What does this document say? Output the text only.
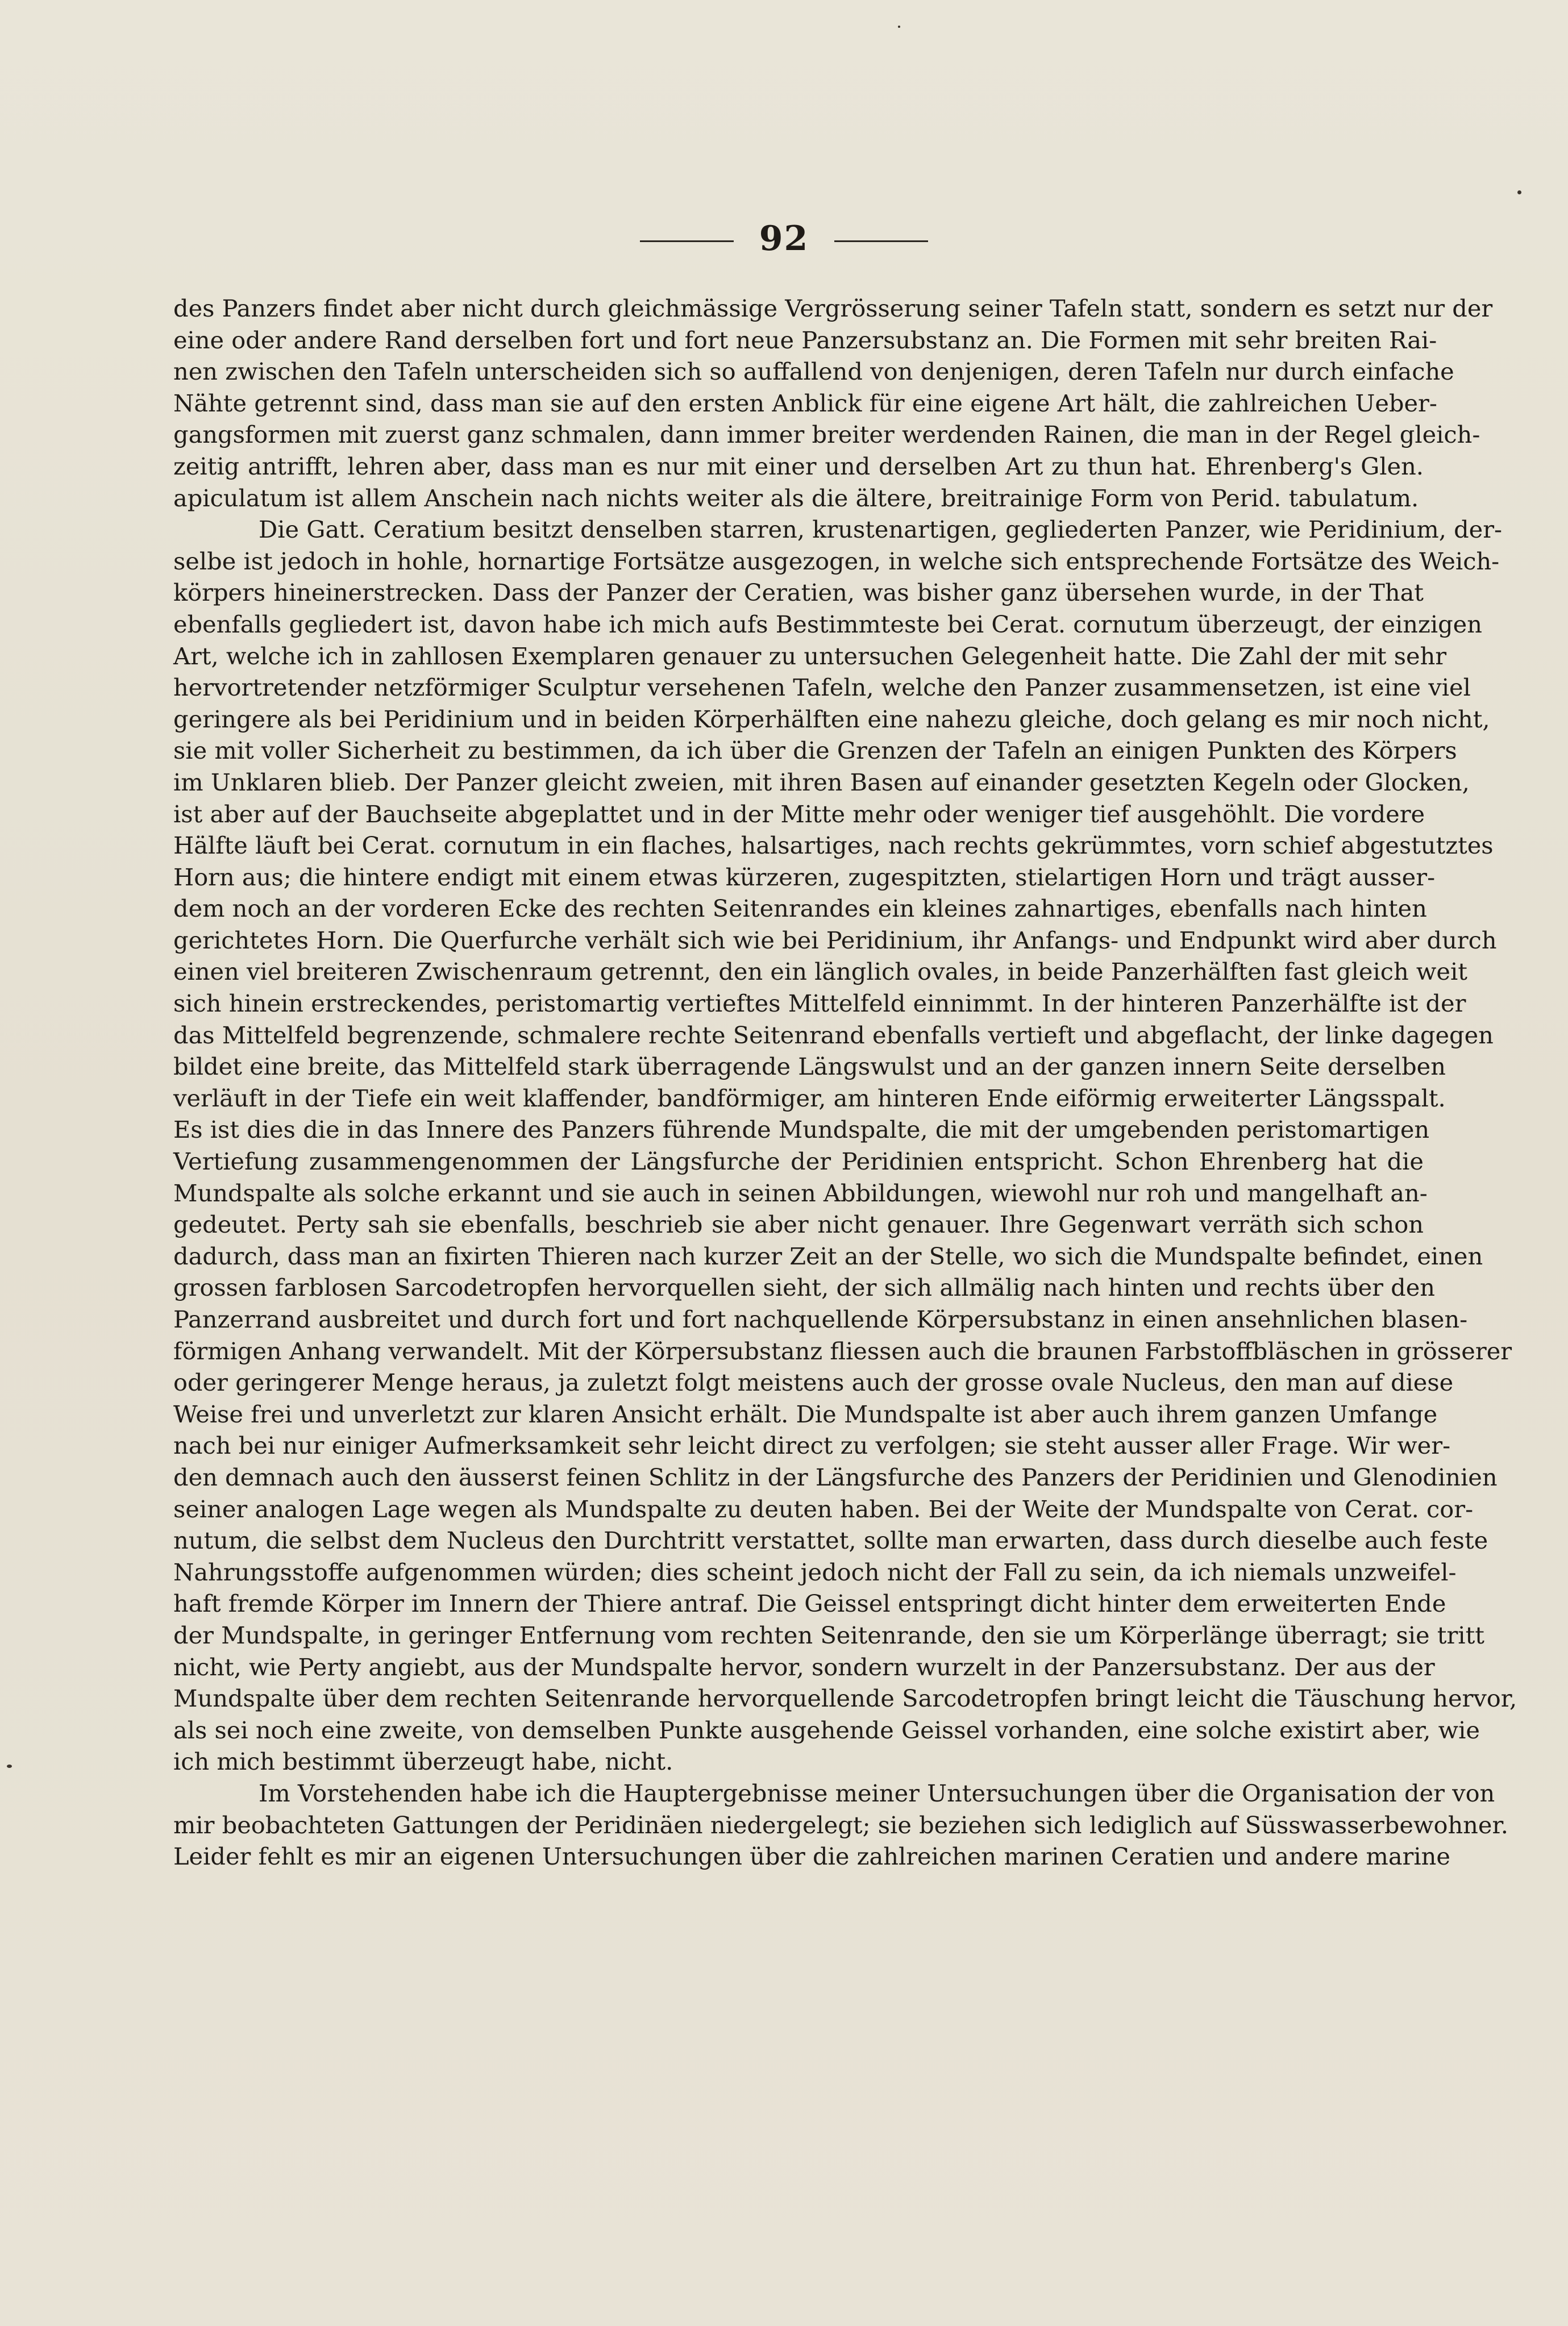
92
des Panzers findet aber nicht durch gleichmässige Vergrösserung seiner Tafeln statt, sondern es setzt nur der
eine oder andere Rand derselben fort und fort neue Panzersubstanz an. Die Formen mit sehr breiten Rai-
nen zwischen den Tafeln unterscheiden sich so auffallend von denjenigen, deren Tafeln nur durch einfache
Nähte getrennt sind, dass man sie auf den ersten Anblick für eine eigene Art hält, die zahlreichen Ueber-
gangsformen mit zuerst ganz schmalen, dann immer breiter werdenden Rainen, die man in der Regel gleich-
zeitig antrifft, lehren aber, dass man es nur mit einer und derselben Art zu thun hat. Ehrenberg's Glen.
apiculatum ist allem Anschein nach nichts weiter als die ältere, breitrainige Form von Perid. tabulatum.
Die Gatt. Ceratium besitzt denselben starren, krustenartigen, gegliederten Panzer, wie Peridinium, der-
selbe ist jedoch in hohle, hornartige Fortsätze ausgezogen, in welche sich entsprechende Fortsätze des Weich-
körpers hineinerstrecken. Dass der Panzer der Ceratien, was bisher ganz übersehen wurde, in der That
ebenfalls gegliedert ist, davon habe ich mich aufs Bestimmteste bei Cerat. cornutum überzeugt, der einzigen
Art, welche ich in zahllosen Exemplaren genauer zu untersuchen Gelegenheit hatte. Die Zahl der mit sehr
hervortretender netzförmiger Sculptur versehenen Tafeln, welche den Panzer zusammensetzen, ist eine viel
geringere als bei Peridinium und in beiden Körperhälften eine nahezu gleiche, doch gelang es mir noch nicht,
sie mit voller Sicherheit zu bestimmen, da ich über die Grenzen der Tafeln an einigen Punkten des Körpers
im Unklaren blieb. Der Panzer gleicht zweien, mit ihren Basen auf einander gesetzten Kegeln oder Glocken,
ist aber auf der Bauchseite abgeplattet und in der Mitte mehr oder weniger tief ausgehöhlt. Die vordere
Hälfte läuft bei Cerat. cornutum in ein flaches, halsartiges, nach rechts gekrümmtes, vorn schief abgestutztes
Horn aus; die hintere endigt mit einem etwas kürzeren, zugespitzten, stielartigen Horn und trägt ausser-
dem noch an der vorderen Ecke des rechten Seitenrandes ein kleines zahnartiges, ebenfalls nach hinten
gerichtetes Horn. Die Querfurche verhält sich wie bei Peridinium, ihr Anfangs- und Endpunkt wird aber durch
einen viel breiteren Zwischenraum getrennt, den ein länglich ovales, in beide Panzerhälften fast gleich weit
sich hinein erstreckendes, peristomartig vertieftes Mittelfeld einnimmt. In der hinteren Panzerhälfte ist der
das Mittelfeld begrenzende, schmalere rechte Seitenrand ebenfalls vertieft und abgeflacht, der linke dagegen
bildet eine breite, das Mittelfeld stark überragende Längswulst und an der ganzen innern Seite derselben
verläuft in der Tiefe ein weit klaffender, bandförmiger, am hinteren Ende eiförmig erweiterter Längsspalt.
Es ist dies die in das Innere des Panzers führende Mundspalte, die mit der umgebenden peristomartigen
Vertiefung zusammengenommen der Längsfurche der Peridinien entspricht. Schon Ehrenberg hat die
Mundspalte als solche erkannt und sie auch in seinen Abbildungen, wiewohl nur roh und mangelhaft an-
gedeutet. Perty sah sie ebenfalls, beschrieb sie aber nicht genauer. Ihre Gegenwart verräth sich schon
dadurch, dass man an fixirten Thieren nach kurzer Zeit an der Stelle, wo sich die Mundspalte befindet, einen
grossen farblosen Sarcodetropfen hervorquellen sieht, der sich allmälig nach hinten und rechts über den
Panzerrand ausbreitet und durch fort und fort nachquellende Körpersubstanz in einen ansehnlichen blasen-
förmigen Anhang verwandelt. Mit der Körpersubstanz fliessen auch die braunen Farbstoffbläschen in grösserer
oder geringerer Menge heraus, ja zuletzt folgt meistens auch der grosse ovale Nucleus, den man auf diese
Weise frei und unverletzt zur klaren Ansicht erhält. Die Mundspalte ist aber auch ihrem ganzen Umfange
nach bei nur einiger Aufmerksamkeit sehr leicht direct zu verfolgen; sie steht ausser aller Frage. Wir wer-
den demnach auch den äusserst feinen Schlitz in der Längsfurche des Panzers der Peridinien und Glenodinien
seiner analogen Lage wegen als Mundspalte zu deuten haben. Bei der Weite der Mundspalte von Cerat. cor-
nutum, die selbst dem Nucleus den Durchtritt verstattet, sollte man erwarten, dass durch dieselbe auch feste
Nahrungsstoffe aufgenommen würden; dies scheint jedoch nicht der Fall zu sein, da ich niemals unzweifel-
haft fremde Körper im Innern der Thiere antraf. Die Geissel entspringt dicht hinter dem erweiterten Ende
der Mundspalte, in geringer Entfernung vom rechten Seitenrande, den sie um Körperlänge überragt; sie tritt
nicht, wie Perty angiebt, aus der Mundspalte hervor, sondern wurzelt in der Panzersubstanz. Der aus der
Mundspalte über dem rechten Seitenrande hervorquellende Sarcodetropfen bringt leicht die Täuschung hervor,
als sei noch eine zweite, von demselben Punkte ausgehende Geissel vorhanden, eine solche existirt aber, wie
ich mich bestimmt überzeugt habe, nicht.
Im Vorstehenden habe ich die Hauptergebnisse meiner Untersuchungen über die Organisation der von
mir beobachteten Gattungen der Peridinäen niedergelegt; sie beziehen sich lediglich auf Süsswasserbewohner.
Leider fehlt es mir an eigenen Untersuchungen über die zahlreichen marinen Ceratien und andere marine
